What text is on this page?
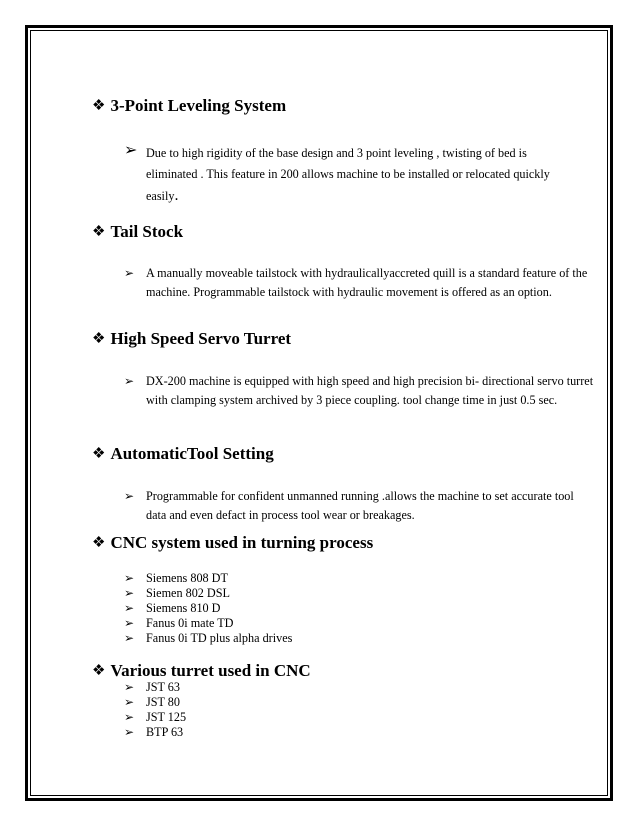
❖ 3-Point Leveling System
➢ Due to high rigidity of the base design and 3 point leveling , twisting of bed is eliminated . This feature in 200 allows machine to be installed or relocated quickly easily.
❖ Tail Stock
➢ A manually moveable tailstock with hydraulicallyaccreted quill is a standard feature of the machine. Programmable tailstock with hydraulic movement is offered as an option.
❖ High Speed Servo Turret
➢ DX-200 machine is equipped with high speed and high precision bi- directional servo turret with clamping system archived by 3 piece coupling. tool change time in just 0.5 sec.
❖ AutomaticTool Setting
➢ Programmable for confident unmanned running .allows the machine to set accurate tool data and even defact in process tool wear or breakages.
❖ CNC system used in turning process
➢ Siemens 808 DT
➢ Siemen 802 DSL
➢ Siemens 810 D
➢ Fanus 0i mate TD
➢ Fanus 0i TD plus alpha drives
❖ Various turret used in CNC
➢ JST 63
➢ JST 80
➢ JST 125
➢ BTP 63
